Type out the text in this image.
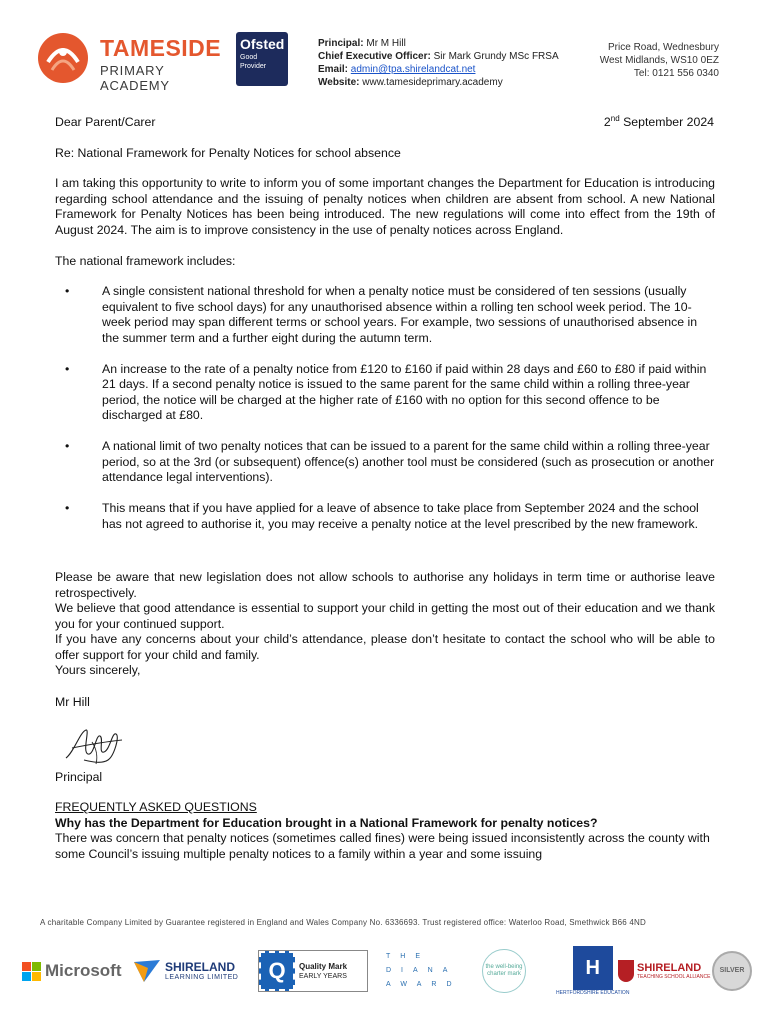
TAMESIDE
PRIMARY ACADEMY
Ofsted
Good
Provider
Principal: Mr M Hill
Chief Executive Officer: Sir Mark Grundy MSc FRSA
Email: admin@tpa.shirelandcat.net
Website: www.tamesideprimary.academy
Price Road, Wednesbury
West Midlands, WS10 0EZ
Tel: 0121 556 0340
Dear Parent/Carer	2nd September 2024
Re: National Framework for Penalty Notices for school absence
I am taking this opportunity to write to inform you of some important changes the Department for Education is introducing regarding school attendance and the issuing of penalty notices when children are absent from school. A new National Framework for Penalty Notices has been being introduced. The new regulations will come into effect from the 19th of August 2024. The aim is to improve consistency in the use of penalty notices across England.
The national framework includes:
•	A single consistent national threshold for when a penalty notice must be considered of ten sessions (usually equivalent to five school days) for any unauthorised absence within a rolling ten school week period. The 10-week period may span different terms or school years. For example, two sessions of unauthorised absence in the summer term and a further eight during the autumn term.
•	An increase to the rate of a penalty notice from £120 to £160 if paid within 28 days and £60 to £80 if paid within 21 days. If a second penalty notice is issued to the same parent for the same child within a rolling three-year period, the notice will be charged at the higher rate of £160 with no option for this second offence to be discharged at £80.
•	A national limit of two penalty notices that can be issued to a parent for the same child within a rolling three-year period, so at the 3rd (or subsequent) offence(s) another tool must be considered (such as prosecution or another attendance legal interventions).
•	This means that if you have applied for a leave of absence to take place from September 2024 and the school has not agreed to authorise it, you may receive a penalty notice at the level prescribed by the new framework.

Please be aware that new legislation does not allow schools to authorise any holidays in term time or authorise leave retrospectively.

We believe that good attendance is essential to support your child in getting the most out of their education and we thank you for your continued support.

If you have any concerns about your child’s attendance, please don’t hesitate to contact the school who will be able to offer support for your child and family.

Yours sincerely,

Mr Hill
Principal
FREQUENTLY ASKED QUESTIONS
Why has the Department for Education brought in a National Framework for penalty notices?
There was concern that penalty notices (sometimes called fines) were being issued inconsistently across the county with some Council’s issuing multiple penalty notices to a family within a year and some issuing
A charitable Company Limited by Guarantee registered in England and Wales Company No. 6336693. Trust registered office: Waterloo Road, Smethwick B66 4ND
Microsoft	SHIRELAND
LEARNING LIMITED	Q	Quality Mark
EARLY YEARS
THE
DIANA
AWARD
the well-being charter mark	H
HERTFORDSHIRE EDUCATION
SHIRELAND
TEACHING SCHOOL ALLIANCE
SILVER
